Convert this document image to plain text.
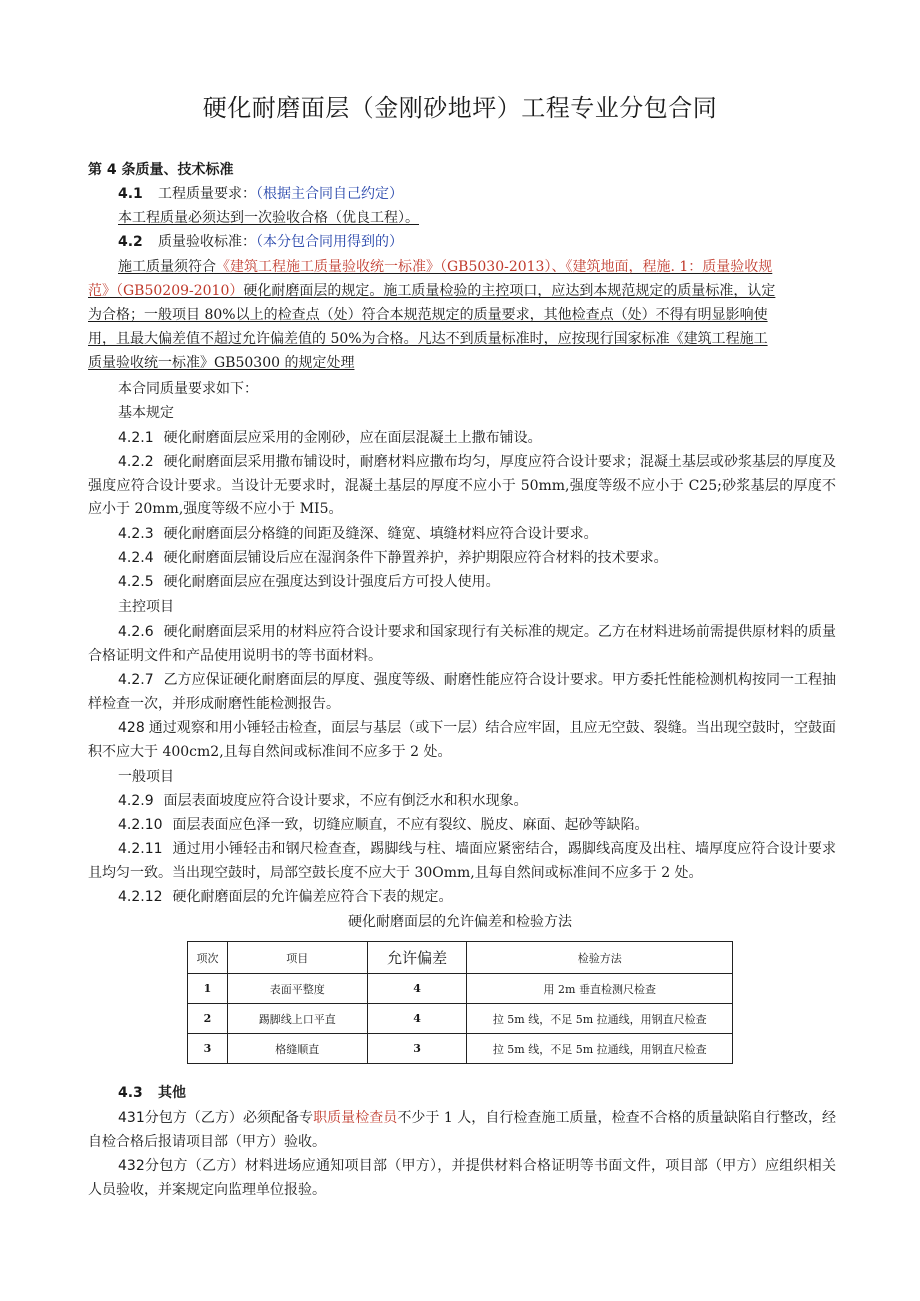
硬化耐磨面层（金刚砂地坪）工程专业分包合同
第 4 条质量、技术标准
4.1 工程质量要求：（根据主合同自己约定）
本工程质量必须达到一次验收合格（优良工程）。
4.2 质量验收标准：（本分包合同用得到的）
施工质量须符合《建筑工程施工质量验收统一标准》（GB5030-2013）、《建筑地面，程施. 1：质量验收规
范》（GB50209-2010）硬化耐磨面层的规定。施工质量检验的主控项口，应达到本规范规定的质量标准，认定
为合格；一般项目 80%以上的检查点（处）符合本规范规定的质量要求，其他检查点（处）不得有明显影响使
用，且最大偏差值不超过允许偏差值的 50%为合格。凡达不到质量标准时，应按现行国家标准《建筑工程施工
质量验收统一标准》GB50300 的规定处理
本合同质量要求如下：
基本规定
4.2.1 硬化耐磨面层应采用的金刚砂，应在面层混凝土上撒布铺设。
4.2.2 硬化耐磨面层采用撒布铺设时，耐磨材料应撒布均匀，厚度应符合设计要求；混凝土基层或砂浆基层的厚度及强度应符合设计要求。当设计无要求时，混凝土基层的厚度不应小于 50mm,强度等级不应小于 C25;砂浆基层的厚度不应小于 20mm,强度等级不应小于 MI5。
4.2.3 硬化耐磨面层分格缝的间距及缝深、缝宽、填缝材料应符合设计要求。
4.2.4 硬化耐磨面层铺设后应在湿润条件下静置养护，养护期限应符合材料的技术要求。
4.2.5 硬化耐磨面层应在强度达到设计强度后方可投人使用。
主控项目
4.2.6 硬化耐磨面层采用的材料应符合设计要求和国家现行有关标准的规定。乙方在材料进场前需提供原材料的质量合格证明文件和产品使用说明书的等书面材料。
4.2.7 乙方应保证硬化耐磨面层的厚度、强度等级、耐磨性能应符合设计要求。甲方委托性能检测机构按同一工程抽样检查一次，并形成耐磨性能检测报告。
428 通过观察和用小锤轻击检查，面层与基层（或下一层）结合应牢固，且应无空鼓、裂缝。当出现空鼓时，空鼓面积不应大于 400cm2,且每自然间或标准间不应多于 2 处。
一般项目
4.2.9 面层表面坡度应符合设计要求，不应有倒泛水和积水现象。
4.2.10 面层表面应色泽一致，切缝应顺直，不应有裂纹、脱皮、麻面、起砂等缺陷。
4.2.11 通过用小锤轻击和钢尺检查查，踢脚线与柱、墙面应紧密结合，踢脚线高度及出柱、墙厚度应符合设计要求且均匀一致。当出现空鼓时，局部空鼓长度不应大于 30Omm,且每自然间或标准间不应多于 2 处。
4.2.12 硬化耐磨面层的允许偏差应符合下表的规定。
硬化耐磨面层的允许偏差和检验方法
项次	项目	允许偏差	检验方法
1	表面平整度	4	用 2m 垂直检测尺检查
2	踢脚线上口平直	4	拉 5m 线，不足 5m 拉通线，用钢直尺检查
3	格缝顺直	3	拉 5m 线，不足 5m 拉通线，用钢直尺检查
4.3 其他
431分包方（乙方）必须配备专职质量检查员不少于 1 人，自行检查施工质量，检查不合格的质量缺陷自行整改，经自检合格后报请项目部（甲方）验收。
432分包方（乙方）材料进场应通知项目部（甲方），并提供材料合格证明等书面文件，项目部（甲方）应组织相关人员验收，并案规定向监理单位报验。
